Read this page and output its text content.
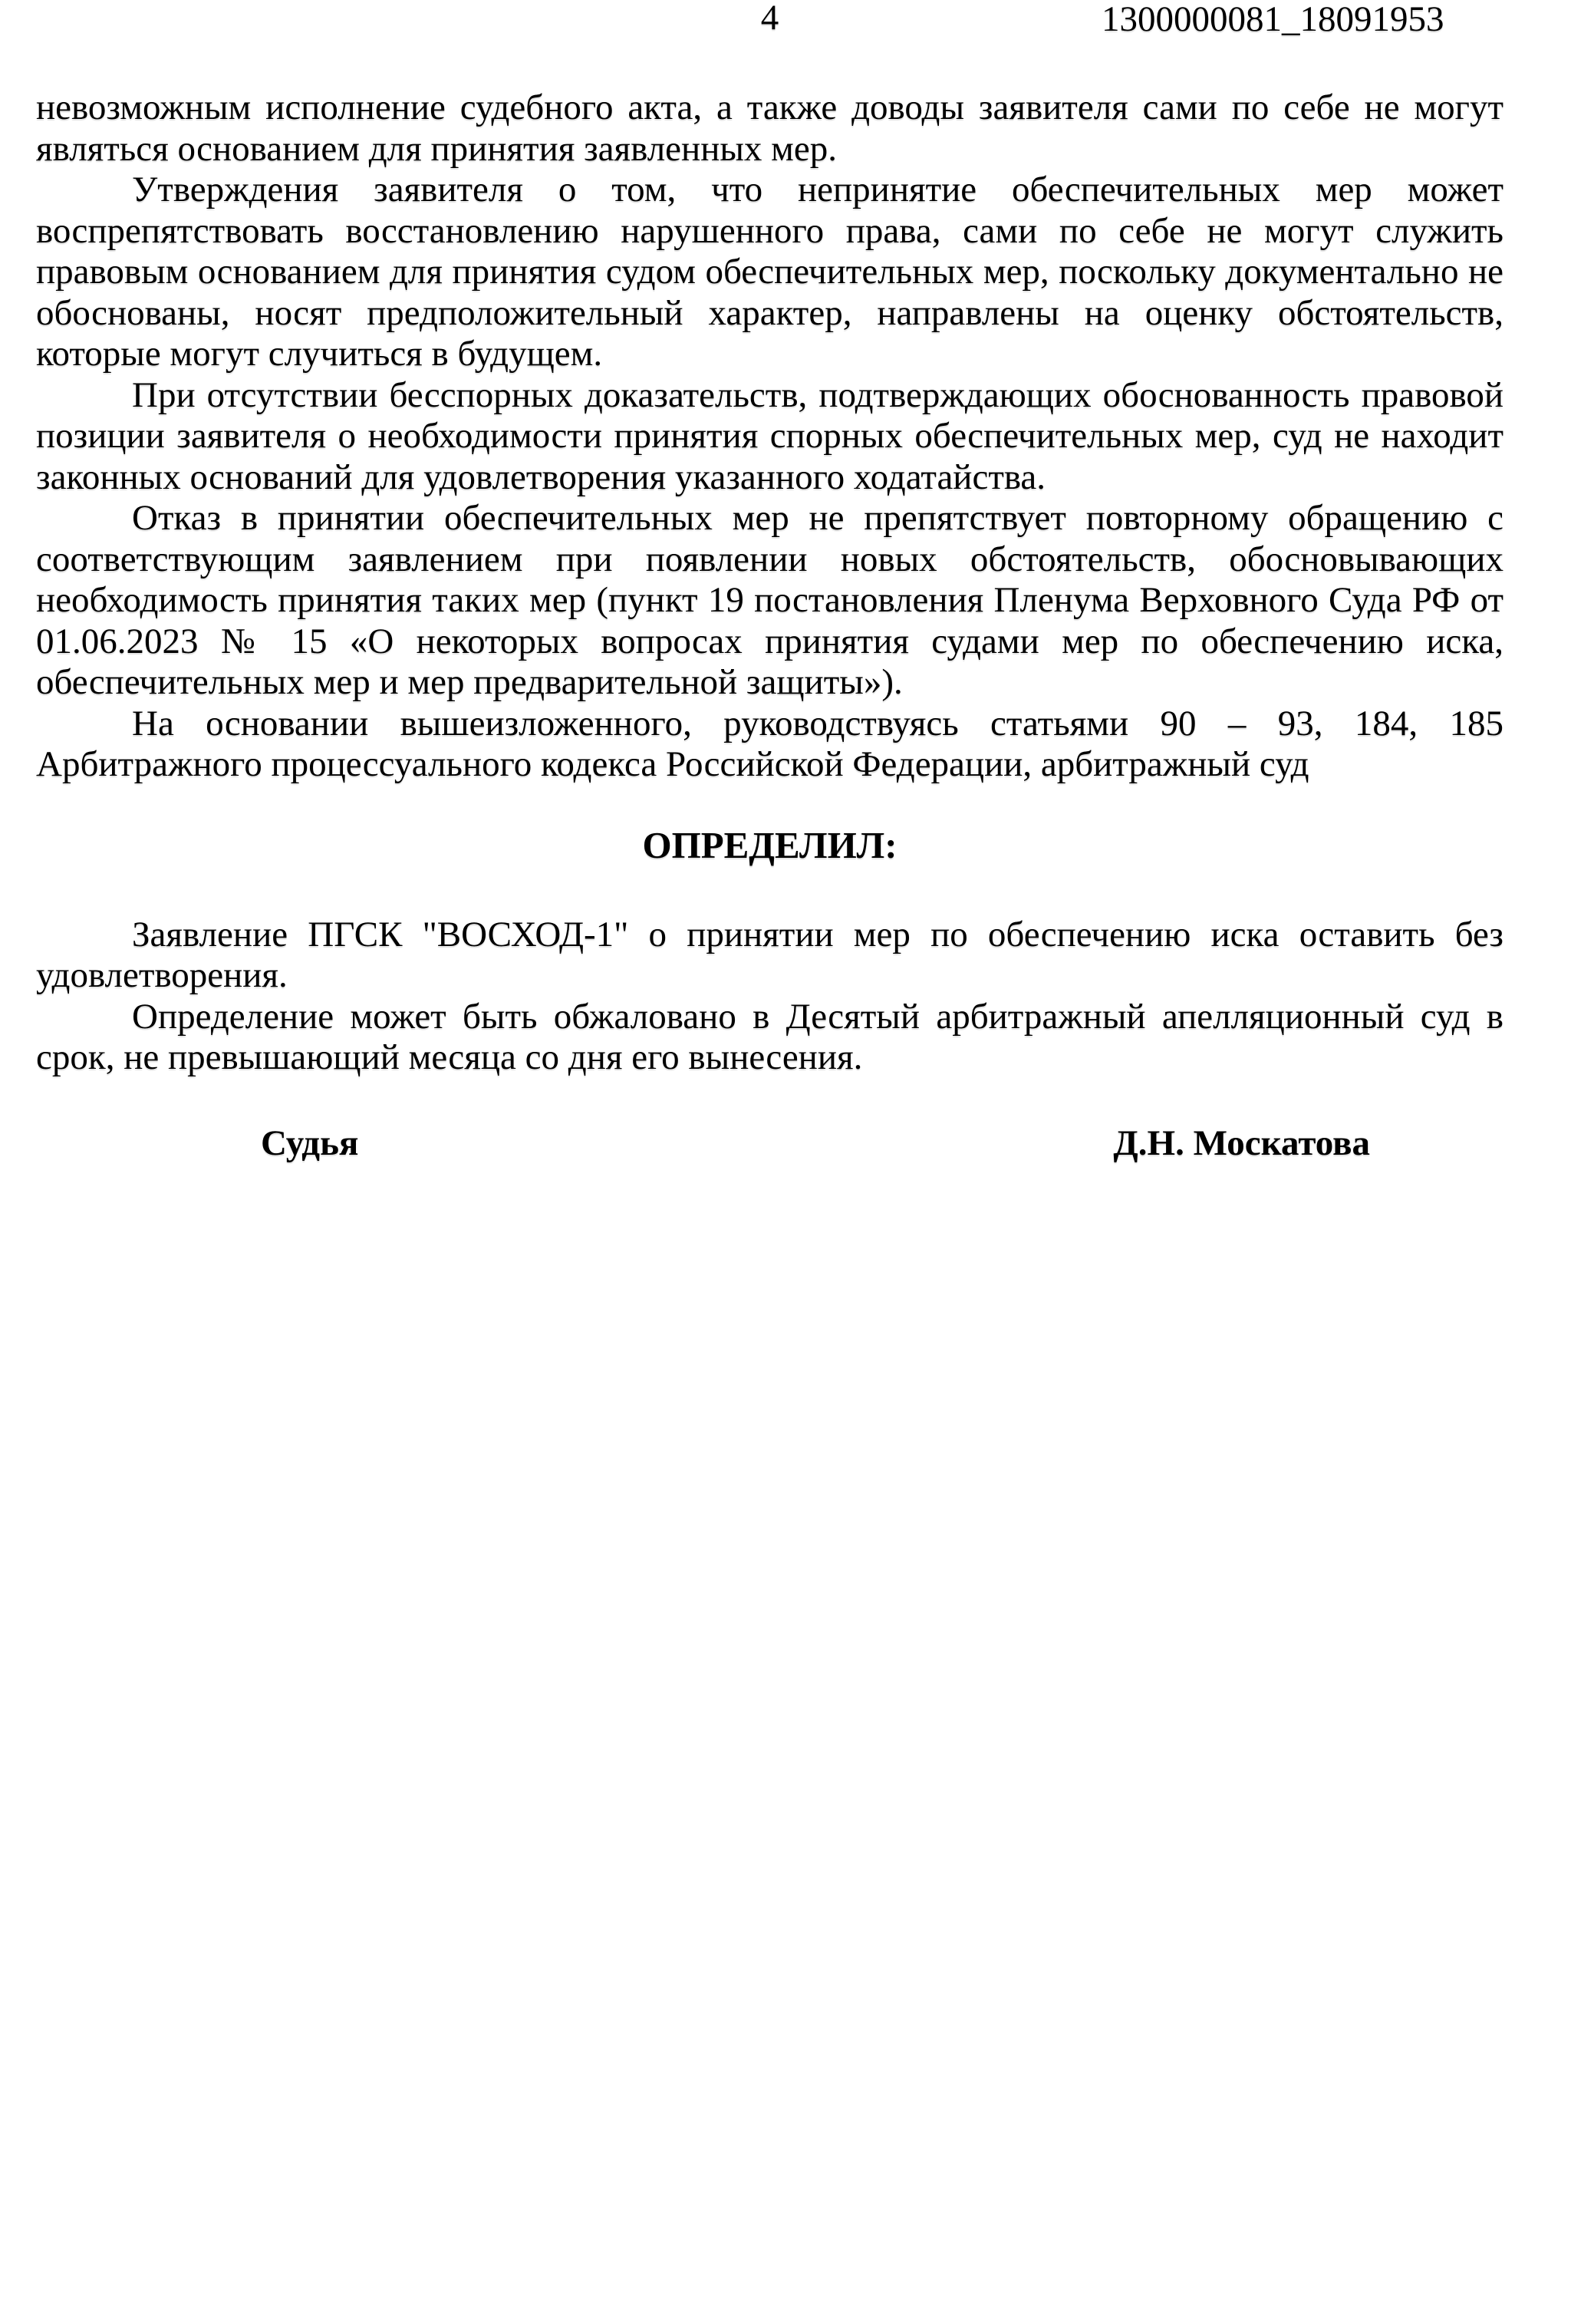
4	1300000081_18091953

невозможным исполнение судебного акта, а также доводы заявителя сами по себе не могут являться основанием для принятия заявленных мер.

Утверждения заявителя о том, что непринятие обеспечительных мер может воспрепятствовать восстановлению нарушенного права, сами по себе не могут служить правовым основанием для принятия судом обеспечительных мер, поскольку документально не обоснованы, носят предположительный характер, направлены на оценку обстоятельств, которые могут случиться в будущем.

При отсутствии бесспорных доказательств, подтверждающих обоснованность правовой позиции заявителя о необходимости принятия спорных обеспечительных мер, суд не находит законных оснований для удовлетворения указанного ходатайства.

Отказ в принятии обеспечительных мер не препятствует повторному обращению с соответствующим заявлением при появлении новых обстоятельств, обосновывающих необходимость принятия таких мер (пункт 19 постановления Пленума Верховного Суда РФ от 01.06.2023 № 15 «О некоторых вопросах принятия судами мер по обеспечению иска, обеспечительных мер и мер предварительной защиты»).

На основании вышеизложенного, руководствуясь статьями 90 – 93, 184, 185 Арбитражного процессуального кодекса Российской Федерации, арбитражный суд

ОПРЕДЕЛИЛ:

Заявление ПГСК "ВОСХОД-1" о принятии мер по обеспечению иска оставить без удовлетворения.

Определение может быть обжаловано в Десятый арбитражный апелляционный суд в срок, не превышающий месяца со дня его вынесения.

Судья	Д.Н. Москатова
